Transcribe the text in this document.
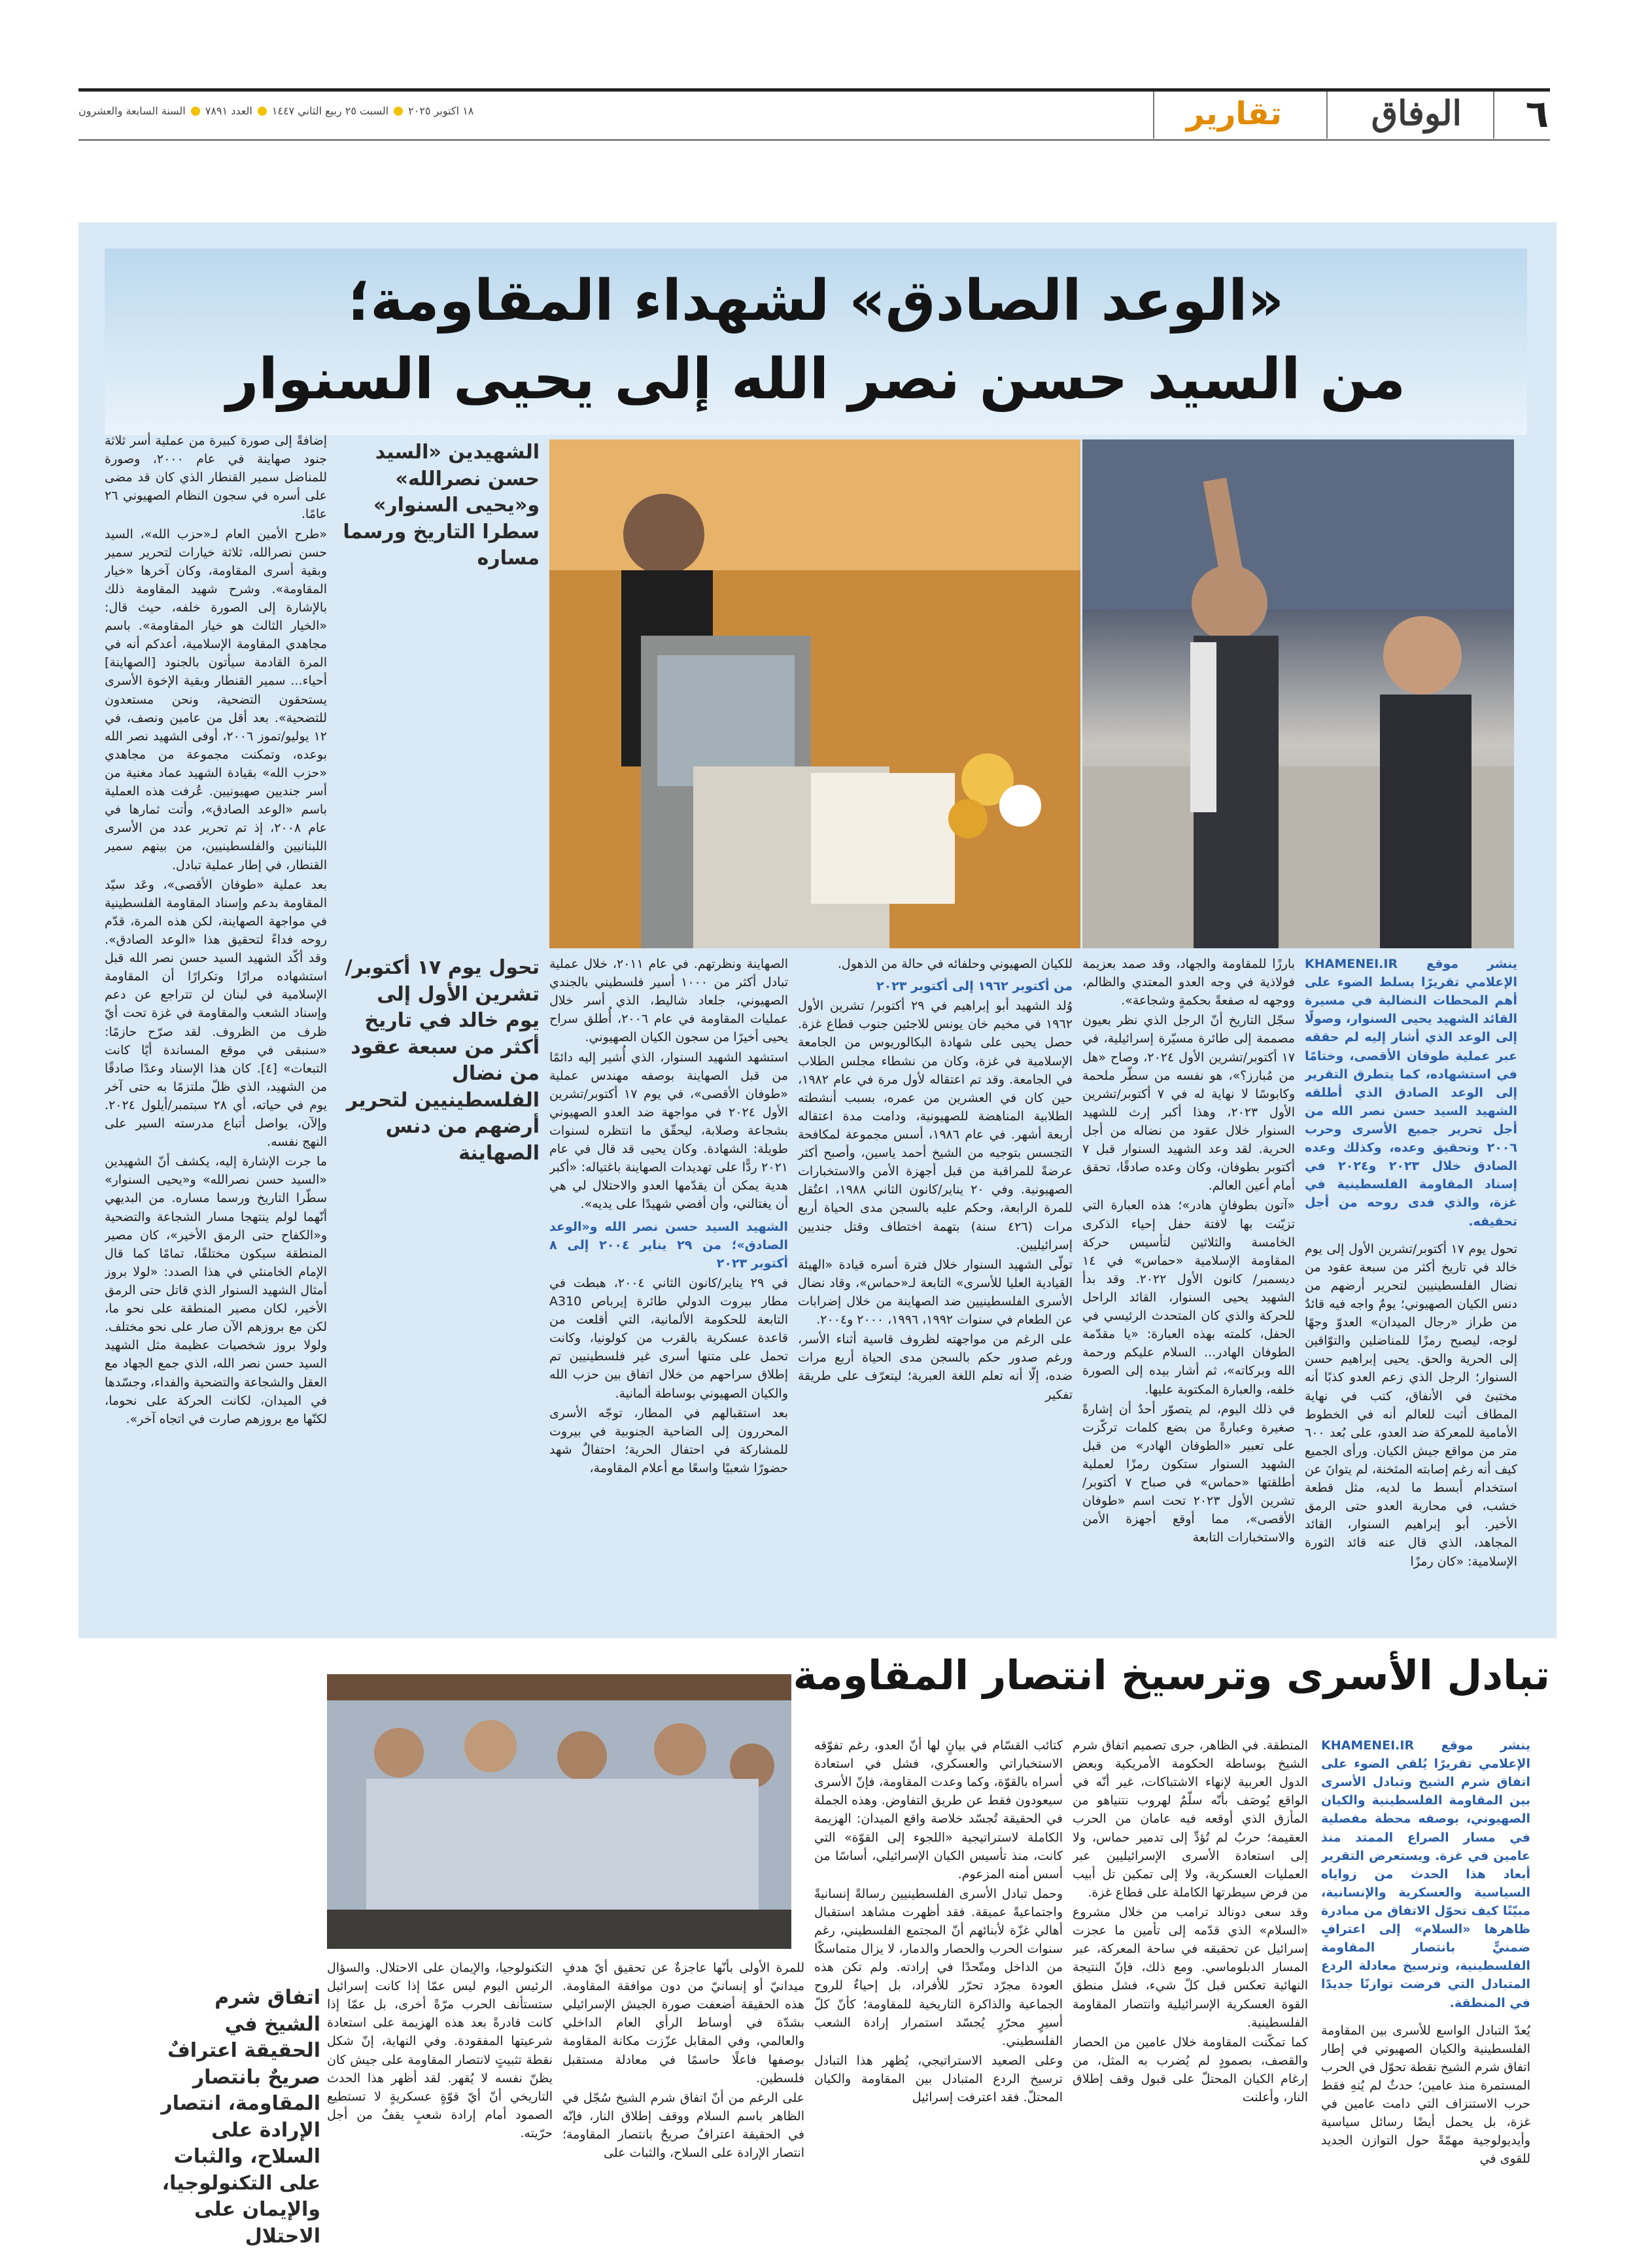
٦
الوفاق
تقارير
١٨ اكتوبر ٢٠٢٥
السبت ٢٥ ربيع الثاني ١٤٤٧
العدد ٧٨٩١
السنة السابعة والعشرون
«الوعد الصادق» لشهداء المقاومة؛
من السيد حسن نصر الله إلى يحيى السنوار
الشهيدين «السيد حسن نصرالله» و«يحيى السنوار» سطرا التاريخ ورسما مساره
تحول يوم ١٧ أكتوبر/ تشرين الأول إلى يوم خالد في تاريخ أكثر من سبعة عقود من نضال الفلسطينيين لتحرير أرضهم من دنس الصهاينة

ينشر موقع KHAMENEI.IR الإعلامي تقريرًا يسلط الضوء على أهم المحطات النضالية في مسيرة القائد الشهيد يحيى السنوار، وصولًا إلى الوعد الذي أشار إليه لم حققه عبر عملية طوفان الأقصى، وختامًا في استشهاده، كما يتطرق التقرير إلى الوعد الصادق الذي أطلقه الشهيد السيد حسن نصر الله من أجل تحرير جميع الأسرى وحرب ٢٠٠٦ وتحقيق وعده، وكذلك وعده الصادق خلال ٢٠٢٣ و٢٠٢٤ في إسناد المقاومة الفلسطينية في غزة، والذي فدى روحه من أجل تحقيقه.

تحول يوم ١٧ أكتوبر/تشرين الأول إلى يوم خالد في تاريخ أكثر من سبعة عقود من نضال الفلسطينيين لتحرير أرضهم من دنس الكيان الصهيوني؛ يومٌ واجه فيه قائدٌ من طراز «رجال الميدان» العدوّ وجهًا لوجه، ليصبح رمزًا للمناضلين والتوّاقين إلى الحرية والحق. يحيى إبراهيم حسن السنوار؛ الرجل الذي زعم العدو كذبًا أنه مختبئ في الأنفاق، كتب في نهاية المطاف أثبت للعالم أنه في الخطوط الأمامية للمعركة ضد العدو، على بُعد ٦٠٠ متر من مواقع جيش الكيان. ورأى الجميع كيف أنه رغم إصابته المثخنة، لم يتوانَ عن استخدام أبسط ما لديه، مثل قطعة خشب، في محاربة العدو حتى الرمق الأخير. أبو إبراهيم السنوار، القائد المجاهد، الذي قال عنه قائد الثورة الإسلامية: «كان رمزًا

بارزًا للمقاومة والجهاد، وقد صمد بعزيمة فولاذية في وجه العدو المعتدي والظالم، ووجهه له صفعةً بحكمةٍ وشجاعة».

سجّل التاريخ أنّ الرجل الذي نظر بعيون مصممة إلى طائرة مسيّرة إسرائيلية، في ١٧ أكتوبر/تشرين الأول ٢٠٢٤، وصاح «هل من مُبارز؟»، هو نفسه من سطّر ملحمة وكابوسًا لا نهاية له في ٧ أكتوبر/تشرين الأول ٢٠٢٣، وهذا أكبر إرث للشهيد السنوار خلال عقود من نضاله من أجل الحرية. لقد وعد الشهيد السنوار قبل ٧ أكتوبر بطوفان، وكان وعده صادقًا، تحقق أمام أعين العالم.

«آتون بطوفانٍ هادر»؛ هذه العبارة التي تزيّنت بها لافتة حفل إحياء الذكرى الخامسة والثلاثين لتأسيس حركة المقاومة الإسلامية «حماس» في ١٤ ديسمبر/ كانون الأول ٢٠٢٢. وقد بدأ الشهيد يحيى السنوار، القائد الراحل للحركة والذي كان المتحدث الرئيسي في الحفل، كلمته بهذه العبارة: «يا مقدّمة الطوفان الهادر... السلام عليكم ورحمة الله وبركاته»، ثم أشار بيده إلى الصورة خلفه، والعبارة المكتوبة عليها.

في ذلك اليوم، لم يتصوّر أحدٌ أن إشارةً صغيرة وعبارةً من بضع كلمات تركّزت على تعبير «الطوفان الهادر» من قبل الشهيد السنوار ستكون رمزًا لعملية أطلقتها «حماس» في صباح ٧ أكتوبر/تشرين الأول ٢٠٢٣ تحت اسم «طوفان الأقصى»، مما أوقع أجهزة الأمن والاستخبارات التابعة

للكيان الصهيوني وحلفائه في حالة من الذهول.

من أكتوبر ١٩٦٢ إلى أكتوبر ٢٠٢٣

وُلد الشهيد أبو إبراهيم في ٢٩ أكتوبر/ تشرين الأول ١٩٦٢ في مخيم خان يونس للاجئين جنوب قطاع غزة. حصل يحيى على شهادة البكالوريوس من الجامعة الإسلامية في غزة، وكان من نشطاء مجلس الطلاب في الجامعة. وقد تم اعتقاله لأول مرة في عام ١٩٨٢، حين كان في العشرين من عمره، بسبب أنشطته الطلابية المناهضة للصهيونية، ودامت مدة اعتقاله أربعة أشهر. في عام ١٩٨٦، أسس مجموعة لمكافحة التجسس بتوجيه من الشيخ أحمد ياسين، وأصبح أكثر عرضةً للمراقبة من قبل أجهزة الأمن والاستخبارات الصهيونية. وفي ٢٠ يناير/كانون الثاني ١٩٨٨، اعتُقل للمرة الرابعة، وحكم عليه بالسجن مدى الحياة أربع مرات (٤٢٦ سنة) بتهمة اختطاف وقتل جنديين إسرائيليين.

تولّى الشهيد السنوار خلال فترة أسره قيادة «الهيئة القيادية العليا للأسرى» التابعة لـ«حماس»، وقاد نضال الأسرى الفلسطينيين ضد الصهاينة من خلال إضرابات عن الطعام في سنوات ١٩٩٢، ١٩٩٦، ٢٠٠٠ و٢٠٠٤.

على الرغم من مواجهته لظروف قاسية أثناء الأسر، ورغم صدور حكم بالسجن مدى الحياة أربع مرات ضده، إلّا أنه تعلم اللغة العبرية؛ ليتعرّف على طريقة تفكير

الصهاينة ونظرتهم. في عام ٢٠١١، خلال عملية تبادل أكثر من ١٠٠٠ أسير فلسطيني بالجندي الصهيوني، جلعاد شاليط، الذي أسر خلال عمليات المقاومة في عام ٢٠٠٦، أُطلق سراح يحيى أخيرًا من سجون الكيان الصهيوني.

استشهد الشهيد السنوار، الذي أُشير إليه دائمًا من قبل الصهاينة بوصفه مهندس عملية «طوفان الأقصى»، في يوم ١٧ أكتوبر/تشرين الأول ٢٠٢٤ في مواجهة ضد العدو الصهيوني بشجاعة وصلابة، ليحقّق ما انتظره لسنوات طويلة: الشهادة. وكان يحيى قد قال في عام ٢٠٢١ ردًّا على تهديدات الصهاينة باغتياله: «أكبر هدية يمكن أن يقدّمها العدو والاحتلال لي هي أن يغتالني، وأن أفضي شهيدًا على يديه».

الشهيد السيد حسن نصر الله و«الوعد الصادق»؛ من ٢٩ يناير ٢٠٠٤ إلى ٨ أكتوبر ٢٠٢٣

في ٢٩ يناير/كانون الثاني ٢٠٠٤، هبطت في مطار بيروت الدولي طائرة إيرباص A310 التابعة للحكومة الألمانية، التي أقلعت من قاعدة عسكرية بالقرب من كولونيا، وكانت تحمل على متنها أسرى غير فلسطينيين تم إطلاق سراحهم من خلال اتفاق بين حزب الله والكيان الصهيوني بوساطة ألمانية.

بعد استقبالهم في المطار، توجّه الأسرى المحررون إلى الضاحية الجنوبية في بيروت للمشاركة في احتفال الحرية؛ احتفالٌ شهد حضورًا شعبيًا واسعًا مع أعلام المقاومة،

إضافةً إلى صورة كبيرة من عملية أسر ثلاثة جنود صهاينة في عام ٢٠٠٠، وصورة للمناضل سمير القنطار الذي كان قد مضى على أسره في سجون النظام الصهيوني ٢٦ عامًا.

«طرح الأمين العام لـ«حزب الله»، السيد حسن نصرالله، ثلاثة خيارات لتحرير سمير وبقية أسرى المقاومة، وكان آخرها «خيار المقاومة». وشرح شهيد المقاومة ذلك بالإشارة إلى الصورة خلفه، حيث قال: «الخيار الثالث هو خيار المقاومة». باسم مجاهدي المقاومة الإسلامية، أعدكم أنه في المرة القادمة سيأتون بالجنود [الصهاينة] أحياء... سمير القنطار وبقية الإخوة الأسرى يستحقون التضحية، ونحن مستعدون للتضحية». بعد أقل من عامين ونصف، في ١٢ يوليو/تموز ٢٠٠٦، أوفى الشهيد نصر الله بوعده، وتمكنت مجموعة من مجاهدي «حزب الله» بقيادة الشهيد عماد مغنية من أسر جنديين صهيونيين. عُرفت هذه العملية باسم «الوعد الصادق»، وأتت ثمارها في عام ٢٠٠٨، إذ تم تحرير عدد من الأسرى اللبنانيين والفلسطينيين، من بينهم سمير القنطار، في إطار عملية تبادل.

بعد عملية «طوفان الأقصى»، وعَد سيّد المقاومة بدعم وإسناد المقاومة الفلسطينية في مواجهة الصهاينة، لكن هذه المرة، قدّم روحه فداءً لتحقيق هذا «الوعد الصادق». وقد أكّد الشهيد السيد حسن نصر الله قبل استشهاده مرارًا وتكرارًا أن المقاومة الإسلامية في لبنان لن تتراجع عن دعم وإسناد الشعب والمقاومة في غزة تحت أيّ ظرف من الظروف. لقد صرّح حازمًا: «سنبقى في موقع المساندة أيًا كانت التبعات» [٤]. كان هذا الإسناد وعدًا صادقًا من الشهيد، الذي ظلّ ملتزمًا به حتى آخر يوم في حياته، أي ٢٨ سبتمبر/أيلول ٢٠٢٤. وإلآن، يواصل أتباع مدرسته السير على النهج نفسه.

ما جرت الإشارة إليه، يكشف أنّ الشهيدين «السيد حسن نصرالله» و«يحيى السنوار» سطّرا التاريخ ورسما مساره. من البديهي أنّهما لولم ينتهجا مسار الشجاعة والتضحية و«الكفاح حتى الرمق الأخير»، كان مصير المنطقة سيكون مختلفًا، تمامًا كما قال الإمام الخامنئي في هذا الصدد: «لولا بروز أمثال الشهيد السنوار الذي قاتل حتى الرمق الأخير، لكان مصير المنطقة على نحو ما، لكن مع بروزهم الآن صار على نحو مختلف. ولولا بروز شخصيات عظيمة مثل الشهيد السيد حسن نصر الله، الذي جمع الجهاد مع العقل والشجاعة والتضحية والفداء، وجسّدها في الميدان، لكانت الحركة على نحوما، لكنّها مع بروزهم صارت في اتجاه آخر».

تبادل الأسرى وترسيخ انتصار المقاومة
اتفاق شرم الشيخ في الحقيقة اعترافٌ صريحٌ بانتصار المقاومة، انتصار الإرادة على السلاح، والثبات على التكنولوجيا، والإيمان على الاحتلال

ينشر موقع KHAMENEI.IR الإعلامي تقريرًا يُلقي الضوء على اتفاق شرم الشيخ وتبادل الأسرى بين المقاومة الفلسطينية والكيان الصهيوني، بوصفه محطة مفصلية في مسار الصراع الممتد منذ عامين في غزة. ويستعرض التقرير أبعاد هذا الحدث من زواياه السياسية والعسكرية والإنسانية، مبيّنًا كيف تحوّل الاتفاق من مبادرة ظاهرها «السلام» إلى اعترافٍ ضمنيٍّ بانتصار المقاومة الفلسطينية، وترسيخ معادلة الردع المتبادل التي فرضت توازنًا جديدًا في المنطقة.

يُعدّ التبادل الواسع للأسرى بين المقاومة الفلسطينية والكيان الصهيوني في إطار اتفاق شرم الشيخ نقطة تحوّل في الحرب المستمرة منذ عامين؛ حدثٌ لم يُنهِ فقط حرب الاستنزاف التي دامت عامين في غزة، بل يحمل أيضًا رسائل سياسية وأيديولوجية مهمّةً حول التوازن الجديد للقوى في

المنطقة. في الظاهر، جرى تصميم اتفاق شرم الشيخ بوساطة الحكومة الأمريكية وبعض الدول العربية لإنهاء الاشتباكات، غير أنّه في الواقع يُوصَف بأنّه سلّمٌ لهروب نتنياهو من المأزق الذي أوقعه فيه عامان من الحرب العقيمة؛ حربٌ لم تُؤدِّ إلى تدمير حماس، ولا إلى استعادة الأسرى الإسرائيليين عبر العمليات العسكرية، ولا إلى تمكين تل أبيب من فرض سيطرتها الكاملة على قطاع غزة.

وقد سعى دونالد ترامب من خلال مشروع «السلام» الذي قدّمه إلى تأمين ما عجزت إسرائيل عن تحقيقه في ساحة المعركة، عبر المسار الدبلوماسي. ومع ذلك، فإنّ النتيجة النهائية تعكس قبل كلّ شيء، فشل منطق القوة العسكرية الإسرائيلية وانتصار المقاومة الفلسطينية.

كما تمكّنت المقاومة خلال عامين من الحصار والقصف، بصمودٍ لم يُضرب به المثل، من إرغام الكيان المحتلّ على قبول وقف إطلاق النار، وأعلنت

كتائب القسّام في بيانٍ لها أنّ العدو، رغم تفوّقه الاستخباراتي والعسكري، فشل في استعادة أسراه بالقوّة، وكما وعدت المقاومة، فإنّ الأسرى سيعودون فقط عن طريق التفاوض. وهذه الجملة في الحقيقة تُجسّد خلاصة واقع الميدان: الهزيمة الكاملة لاستراتيجية «اللجوء إلى القوّة» التي كانت، منذ تأسيس الكيان الإسرائيلي، أساسًا من أسس أمنه المزعوم.

وحمل تبادل الأسرى الفلسطينيين رسالةً إنسانيةً واجتماعيةً عميقة. فقد أظهرت مشاهد استقبال أهالي غزّة لأبنائهم أنّ المجتمع الفلسطيني، رغم سنوات الحرب والحصار والدمار، لا يزال متماسكًا من الداخل ومتّحدًا في إرادته. ولم تكن هذه العودة مجرّد تحرّر للأفراد، بل إحياءٌ للروح الجماعية والذاكرة التاريخية للمقاومة؛ كأنّ كلّ أسيرٍ محرّرٍ يُجسّد استمرار إرادة الشعب الفلسطيني.

وعلى الصعيد الاستراتيجي، يُظهر هذا التبادل ترسيخ الردع المتبادل بين المقاومة والكيان المحتلّ. فقد اعترفت إسرائيل

للمرة الأولى بأنّها عاجزةٌ عن تحقيق أيّ هدفٍ ميدانيّ أو إنسانيّ من دون موافقة المقاومة. هذه الحقيقة أضعفت صورة الجيش الإسرائيلي بشدّة في أوساط الرأي العام الداخلي والعالمي، وفي المقابل عزّزت مكانة المقاومة بوصفها فاعلًا حاسمًا في معادلة مستقبل فلسطين.

على الرغم من أنّ اتفاق شرم الشيخ سُجّل في الظاهر باسم السلام ووقف إطلاق النار، فإنّه في الحقيقة اعترافٌ صريحٌ بانتصار المقاومة؛ انتصار الإرادة على السلاح، والثبات على

التكنولوجيا، والإيمان على الاحتلال. والسؤال الرئيس اليوم ليس عمّا إذا كانت إسرائيل ستستأنف الحرب مرّةً أخرى، بل عمّا إذا كانت قادرةً بعد هذه الهزيمة على استعادة شرعيتها المفقودة. وفي النهاية، إنّ شكل نقطة تثبيتٍ لانتصار المقاومة على جيش كان يظنّ نفسه لا يُقهر. لقد أظهر هذا الحدث التاريخي أنّ أيّ قوّةٍ عسكريةٍ لا تستطيع الصمود أمام إرادة شعبٍ يقفُ من أجل حرّيته.
